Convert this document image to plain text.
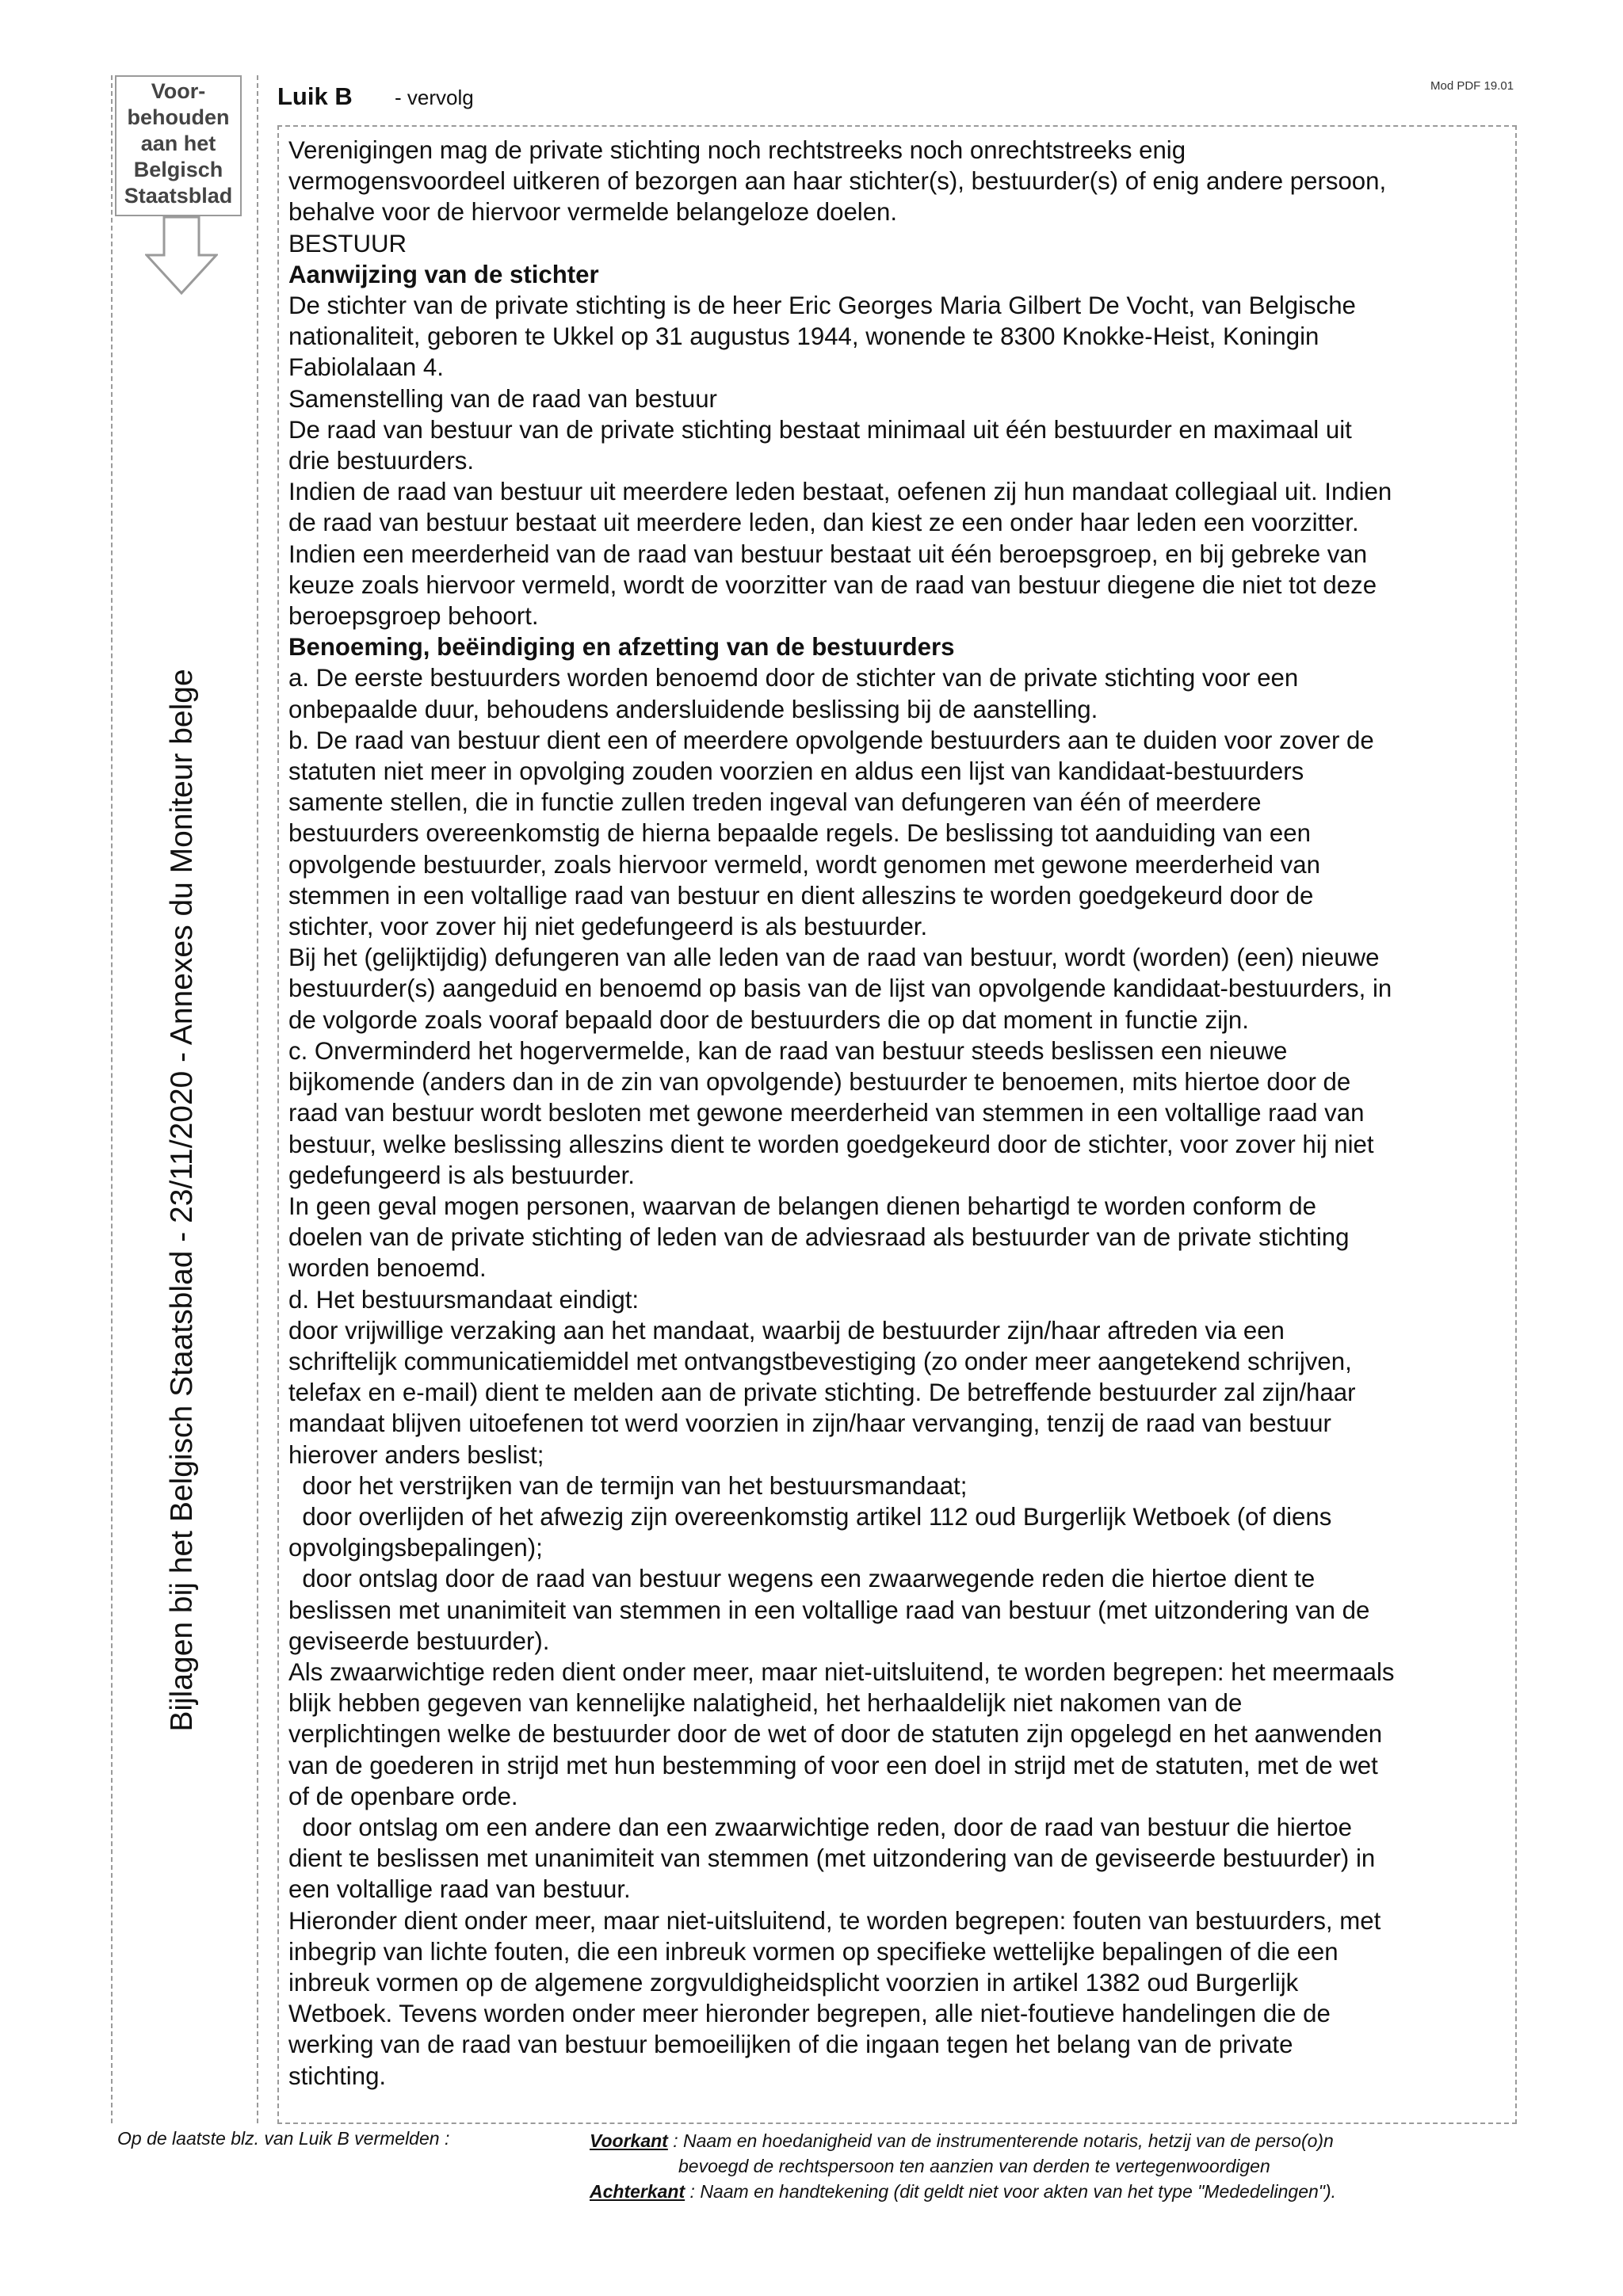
Voor-
behouden
aan het
Belgisch
Staatsblad
Bijlagen bij het Belgisch Staatsblad - 23/11/2020 - Annexes du Moniteur belge
Luik B - vervolg	Mod PDF 19.01

Verenigingen mag de private stichting noch rechtstreeks noch onrechtstreeks enig

vermogensvoordeel uitkeren of bezorgen aan haar stichter(s), bestuurder(s) of enig andere persoon,

behalve voor de hiervoor vermelde belangeloze doelen.

BESTUUR

Aanwijzing van de stichter

De stichter van de private stichting is de heer Eric Georges Maria Gilbert De Vocht, van Belgische

nationaliteit, geboren te Ukkel op 31 augustus 1944, wonende te 8300 Knokke-Heist, Koningin

Fabiolalaan 4.

Samenstelling van de raad van bestuur

De raad van bestuur van de private stichting bestaat minimaal uit één bestuurder en maximaal uit

drie bestuurders.

Indien de raad van bestuur uit meerdere leden bestaat, oefenen zij hun mandaat collegiaal uit. Indien

de raad van bestuur bestaat uit meerdere leden, dan kiest ze een onder haar leden een voorzitter.

Indien een meerderheid van de raad van bestuur bestaat uit één beroepsgroep, en bij gebreke van

keuze zoals hiervoor vermeld, wordt de voorzitter van de raad van bestuur diegene die niet tot deze

beroepsgroep behoort.

Benoeming, beëindiging en afzetting van de bestuurders

a. De eerste bestuurders worden benoemd door de stichter van de private stichting voor een

onbepaalde duur, behoudens andersluidende beslissing bij de aanstelling.

b. De raad van bestuur dient een of meerdere opvolgende bestuurders aan te duiden voor zover de

statuten niet meer in opvolging zouden voorzien en aldus een lijst van kandidaat-bestuurders

samente stellen, die in functie zullen treden ingeval van defungeren van één of meerdere

bestuurders overeenkomstig de hierna bepaalde regels. De beslissing tot aanduiding van een

opvolgende bestuurder, zoals hiervoor vermeld, wordt genomen met gewone meerderheid van

stemmen in een voltallige raad van bestuur en dient alleszins te worden goedgekeurd door de

stichter, voor zover hij niet gedefungeerd is als bestuurder.

Bij het (gelijktijdig) defungeren van alle leden van de raad van bestuur, wordt (worden) (een) nieuwe

bestuurder(s) aangeduid en benoemd op basis van de lijst van opvolgende kandidaat-bestuurders, in

de volgorde zoals vooraf bepaald door de bestuurders die op dat moment in functie zijn.

c. Onverminderd het hogervermelde, kan de raad van bestuur steeds beslissen een nieuwe

bijkomende (anders dan in de zin van opvolgende) bestuurder te benoemen, mits hiertoe door de

raad van bestuur wordt besloten met gewone meerderheid van stemmen in een voltallige raad van

bestuur, welke beslissing alleszins dient te worden goedgekeurd door de stichter, voor zover hij niet

gedefungeerd is als bestuurder.

In geen geval mogen personen, waarvan de belangen dienen behartigd te worden conform de

doelen van de private stichting of leden van de adviesraad als bestuurder van de private stichting

worden benoemd.

d. Het bestuursmandaat eindigt:

door vrijwillige verzaking aan het mandaat, waarbij de bestuurder zijn/haar aftreden via een

schriftelijk communicatiemiddel met ontvangstbevestiging (zo onder meer aangetekend schrijven,

telefax en e-mail) dient te melden aan de private stichting. De betreffende bestuurder zal zijn/haar

mandaat blijven uitoefenen tot werd voorzien in zijn/haar vervanging, tenzij de raad van bestuur

hierover anders beslist;

door het verstrijken van de termijn van het bestuursmandaat;

door overlijden of het afwezig zijn overeenkomstig artikel 112 oud Burgerlijk Wetboek (of diens

opvolgingsbepalingen);

door ontslag door de raad van bestuur wegens een zwaarwegende reden die hiertoe dient te

beslissen met unanimiteit van stemmen in een voltallige raad van bestuur (met uitzondering van de

geviseerde bestuurder).

Als zwaarwichtige reden dient onder meer, maar niet-uitsluitend, te worden begrepen: het meermaals

blijk hebben gegeven van kennelijke nalatigheid, het herhaaldelijk niet nakomen van de

verplichtingen welke de bestuurder door de wet of door de statuten zijn opgelegd en het aanwenden

van de goederen in strijd met hun bestemming of voor een doel in strijd met de statuten, met de wet

of de openbare orde.

door ontslag om een andere dan een zwaarwichtige reden, door de raad van bestuur die hiertoe

dient te beslissen met unanimiteit van stemmen (met uitzondering van de geviseerde bestuurder) in

een voltallige raad van bestuur.

Hieronder dient onder meer, maar niet-uitsluitend, te worden begrepen: fouten van bestuurders, met

inbegrip van lichte fouten, die een inbreuk vormen op specifieke wettelijke bepalingen of die een

inbreuk vormen op de algemene zorgvuldigheidsplicht voorzien in artikel 1382 oud Burgerlijk

Wetboek. Tevens worden onder meer hieronder begrepen, alle niet-foutieve handelingen die de

werking van de raad van bestuur bemoeilijken of die ingaan tegen het belang van de private

stichting.

Op de laatste blz. van Luik B vermelden :	Voorkant : Naam en hoedanigheid van de instrumenterende notaris, hetzij van de perso(o)n
bevoegd de rechtspersoon ten aanzien van derden te vertegenwoordigen
Achterkant : Naam en handtekening (dit geldt niet voor akten van het type "Mededelingen").
